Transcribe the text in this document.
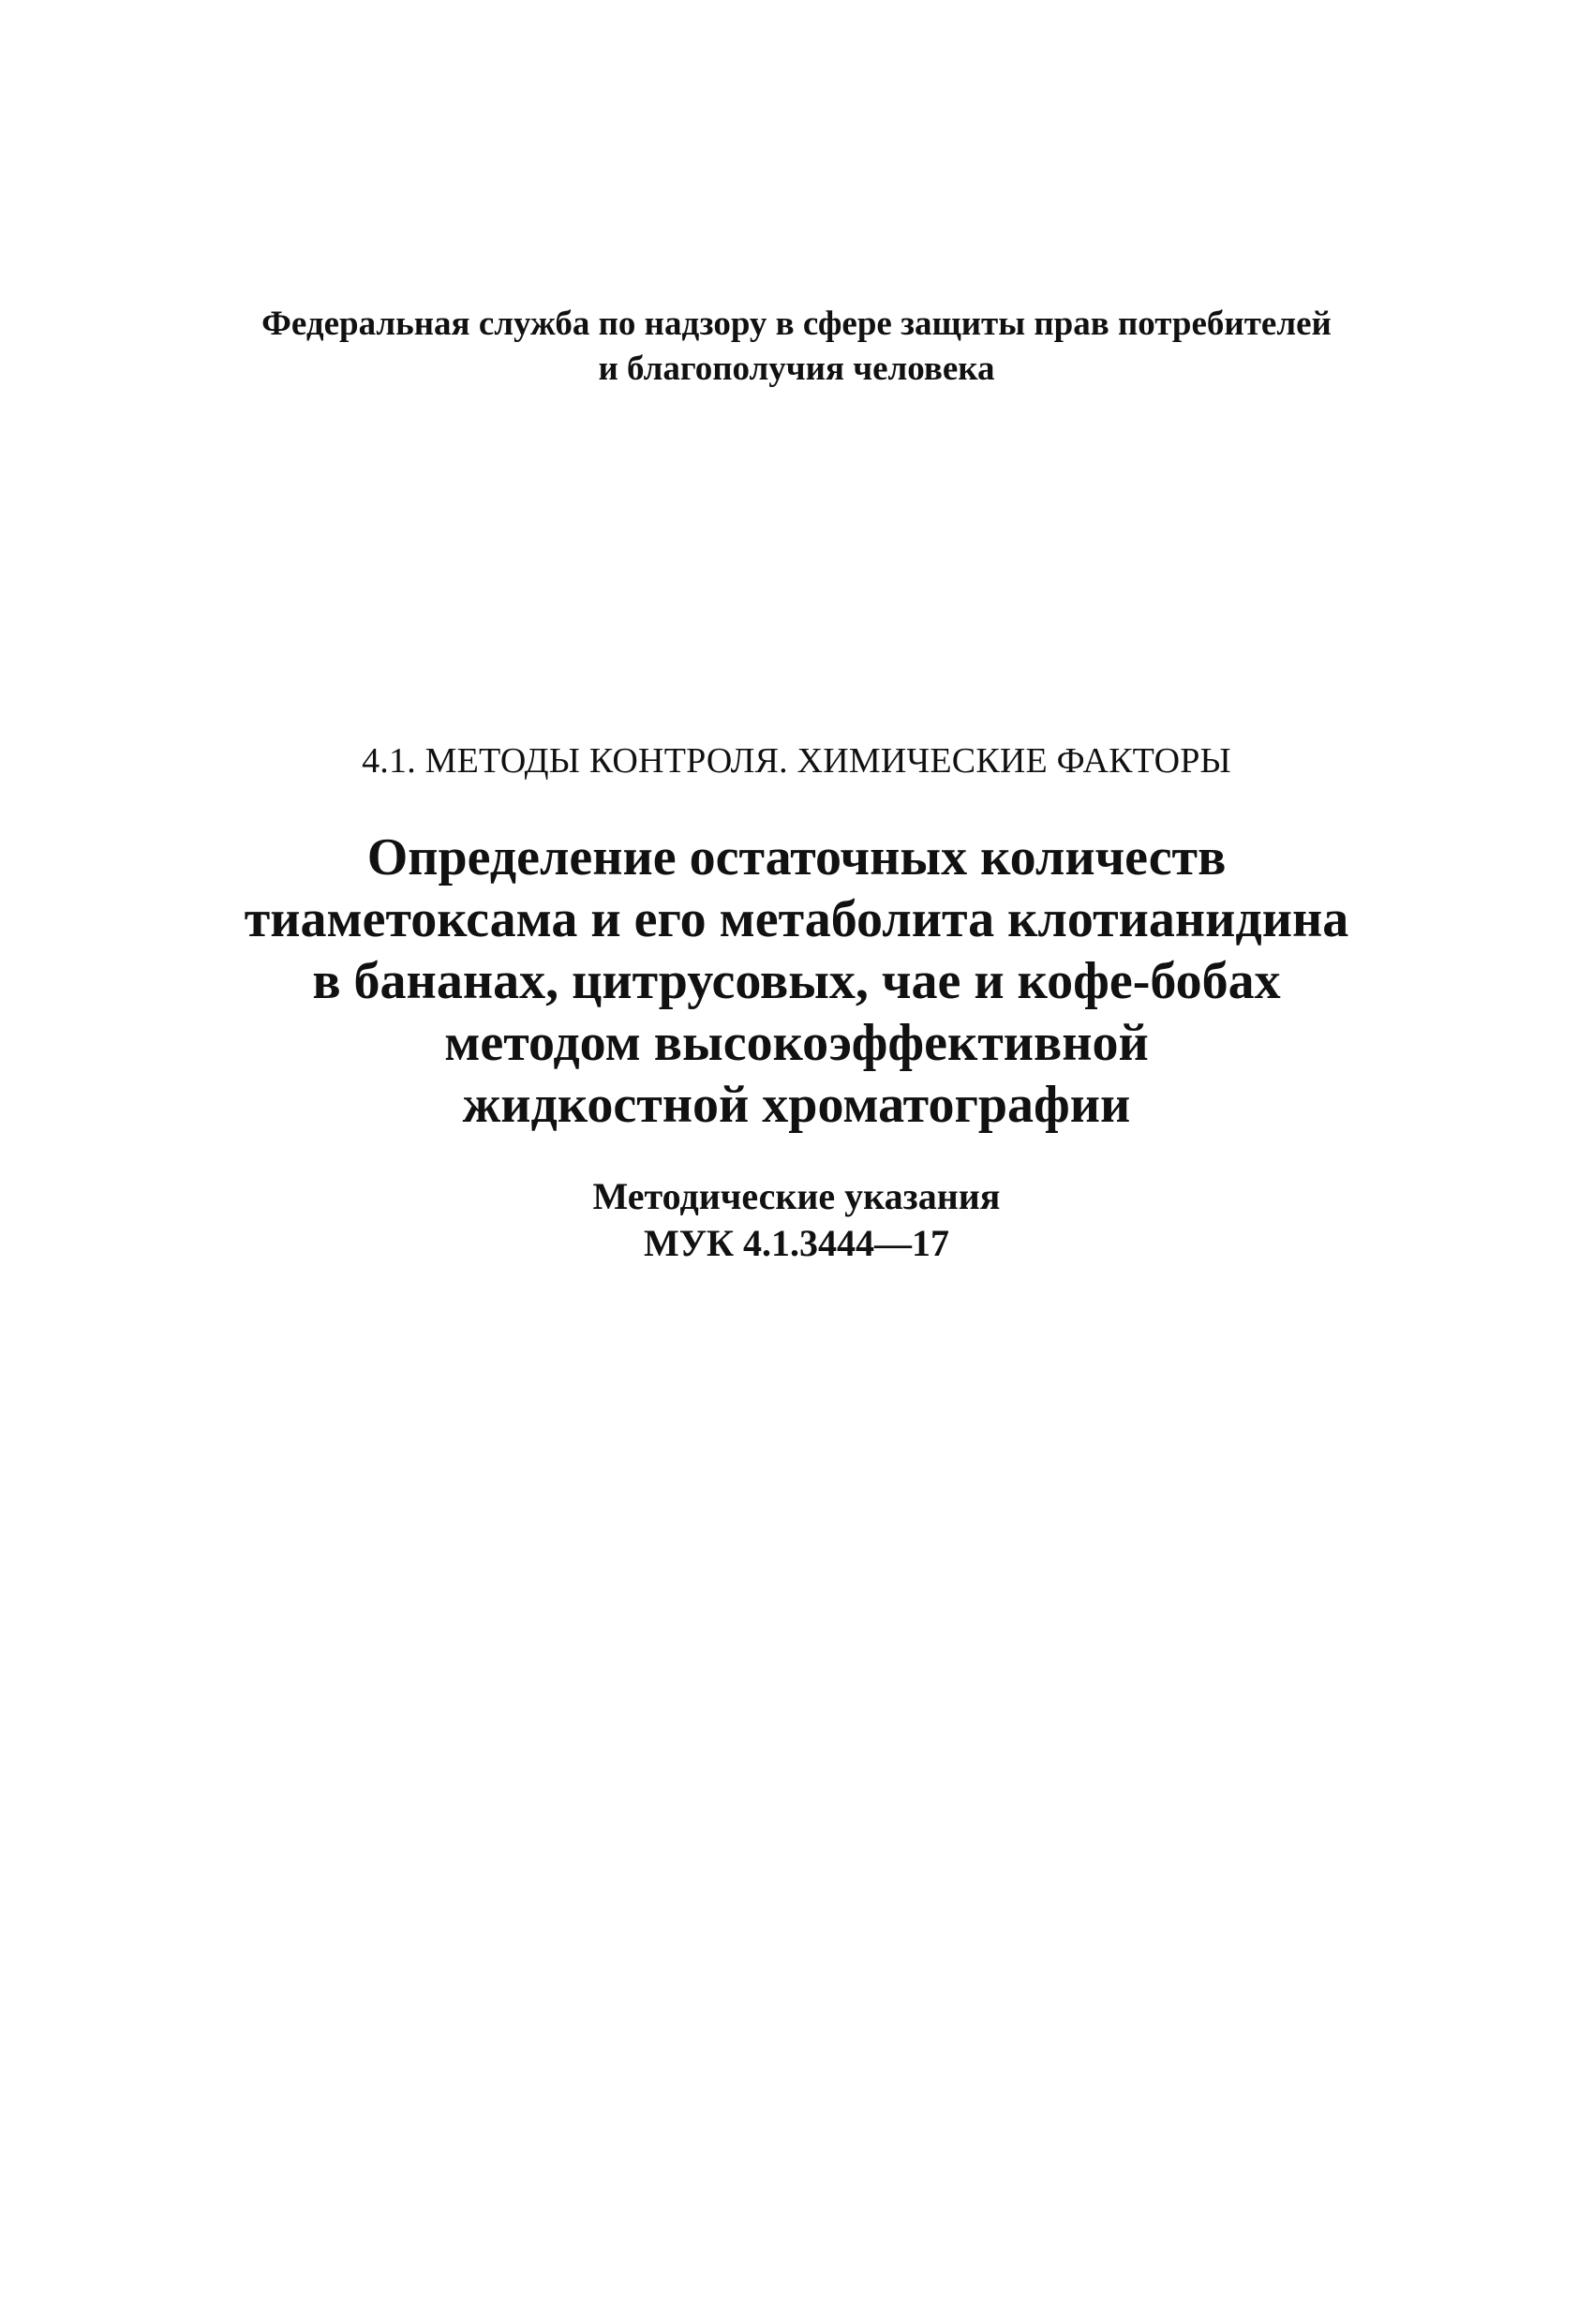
Федеральная служба по надзору в сфере защиты прав потребителей
и благополучия человека
4.1. МЕТОДЫ КОНТРОЛЯ. ХИМИЧЕСКИЕ ФАКТОРЫ
Определение остаточных количеств
тиаметоксама и его метаболита клотианидина
в бананах, цитрусовых, чае и кофе-бобах
методом высокоэффективной
жидкостной хроматографии
Методические указания
МУК 4.1.3444—17
